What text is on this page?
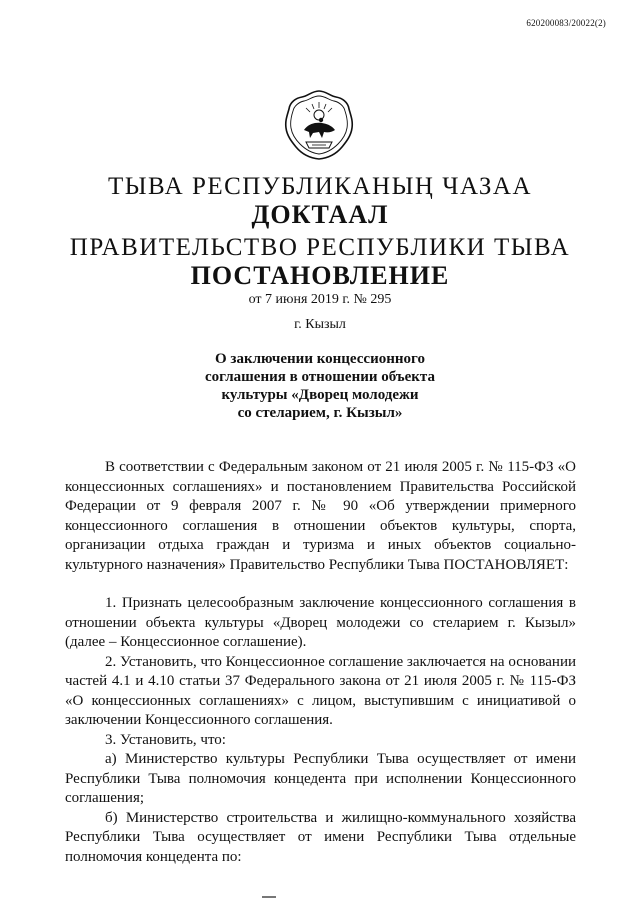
620200083/20022(2)
ТЫВА РЕСПУБЛИКАНЫҢ ЧАЗАА
ДОКТААЛ
ПРАВИТЕЛЬСТВО РЕСПУБЛИКИ ТЫВА
ПОСТАНОВЛЕНИЕ
от 7 июня 2019 г. № 295
г. Кызыл
О заключении концессионного
соглашения в отношении объекта
культуры «Дворец молодежи
со стеларием, г. Кызыл»

В соответствии с Федеральным законом от 21 июля 2005 г. № 115-ФЗ «О концессионных соглашениях» и постановлением Правительства Российской Федерации от 9 февраля 2007 г. № 90 «Об утверждении примерного концессионного соглашения в отношении объектов культуры, спорта, организации отдыха граждан и туризма и иных объектов социально-культурного назначения» Правительство Республики Тыва ПОСТАНОВЛЯЕТ:

1. Признать целесообразным заключение концессионного соглашения в отношении объекта культуры «Дворец молодежи со стеларием г. Кызыл» (далее – Концессионное соглашение).

2. Установить, что Концессионное соглашение заключается на основании частей 4.1 и 4.10 статьи 37 Федерального закона от 21 июля 2005 г. № 115-ФЗ «О концессионных соглашениях» с лицом, выступившим с инициативой о заключении Концессионного соглашения.

3. Установить, что:

а) Министерство культуры Республики Тыва осуществляет от имени Республики Тыва полномочия концедента при исполнении Концессионного соглашения;

б) Министерство строительства и жилищно-коммунального хозяйства Республики Тыва осуществляет от имени Республики Тыва отдельные полномочия концедента по:
